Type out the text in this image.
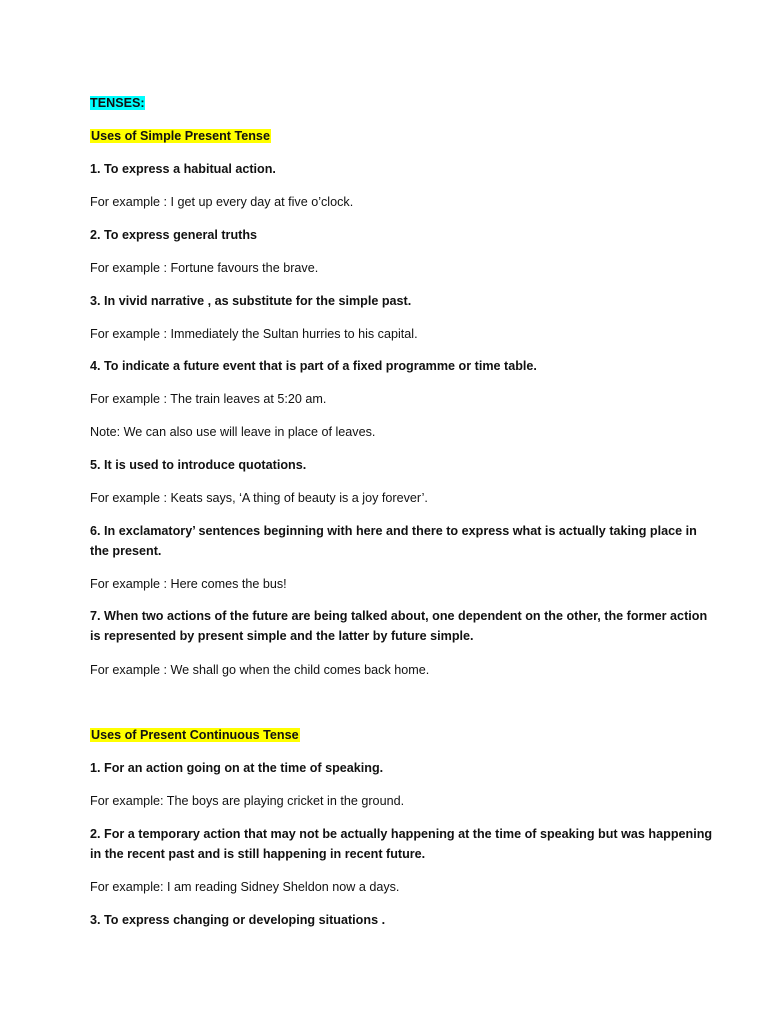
TENSES:
Uses of Simple Present Tense
1. To express a habitual action.
For example : I get up every day at five o’clock.
2. To express general truths
For example : Fortune favours the brave.
3. In vivid narrative , as substitute for the simple past.
For example : Immediately the Sultan hurries to his capital.
4. To indicate a future event that is part of a fixed programme or time table.
For example : The train leaves at 5:20 am.
Note: We can also use will leave in place of leaves.
5. It is used to introduce quotations.
For example : Keats says, ‘A thing of beauty is a joy forever’.
6. In exclamatory’ sentences beginning with here and there to express what is actually taking place in the present.
For example : Here comes the bus!
7. When two actions of the future are being talked about, one dependent on the other, the former action is represented by present simple and the latter by future simple.
For example : We shall go when the child comes back home.
Uses of Present Continuous Tense
1. For an action going on at the time of speaking.
For example: The boys are playing cricket in the ground.
2. For a temporary action that may not be actually happening at the time of speaking but was happening in the recent past and is still happening in recent future.
For example: I am reading Sidney Sheldon now a days.
3. To express changing or developing situations .
